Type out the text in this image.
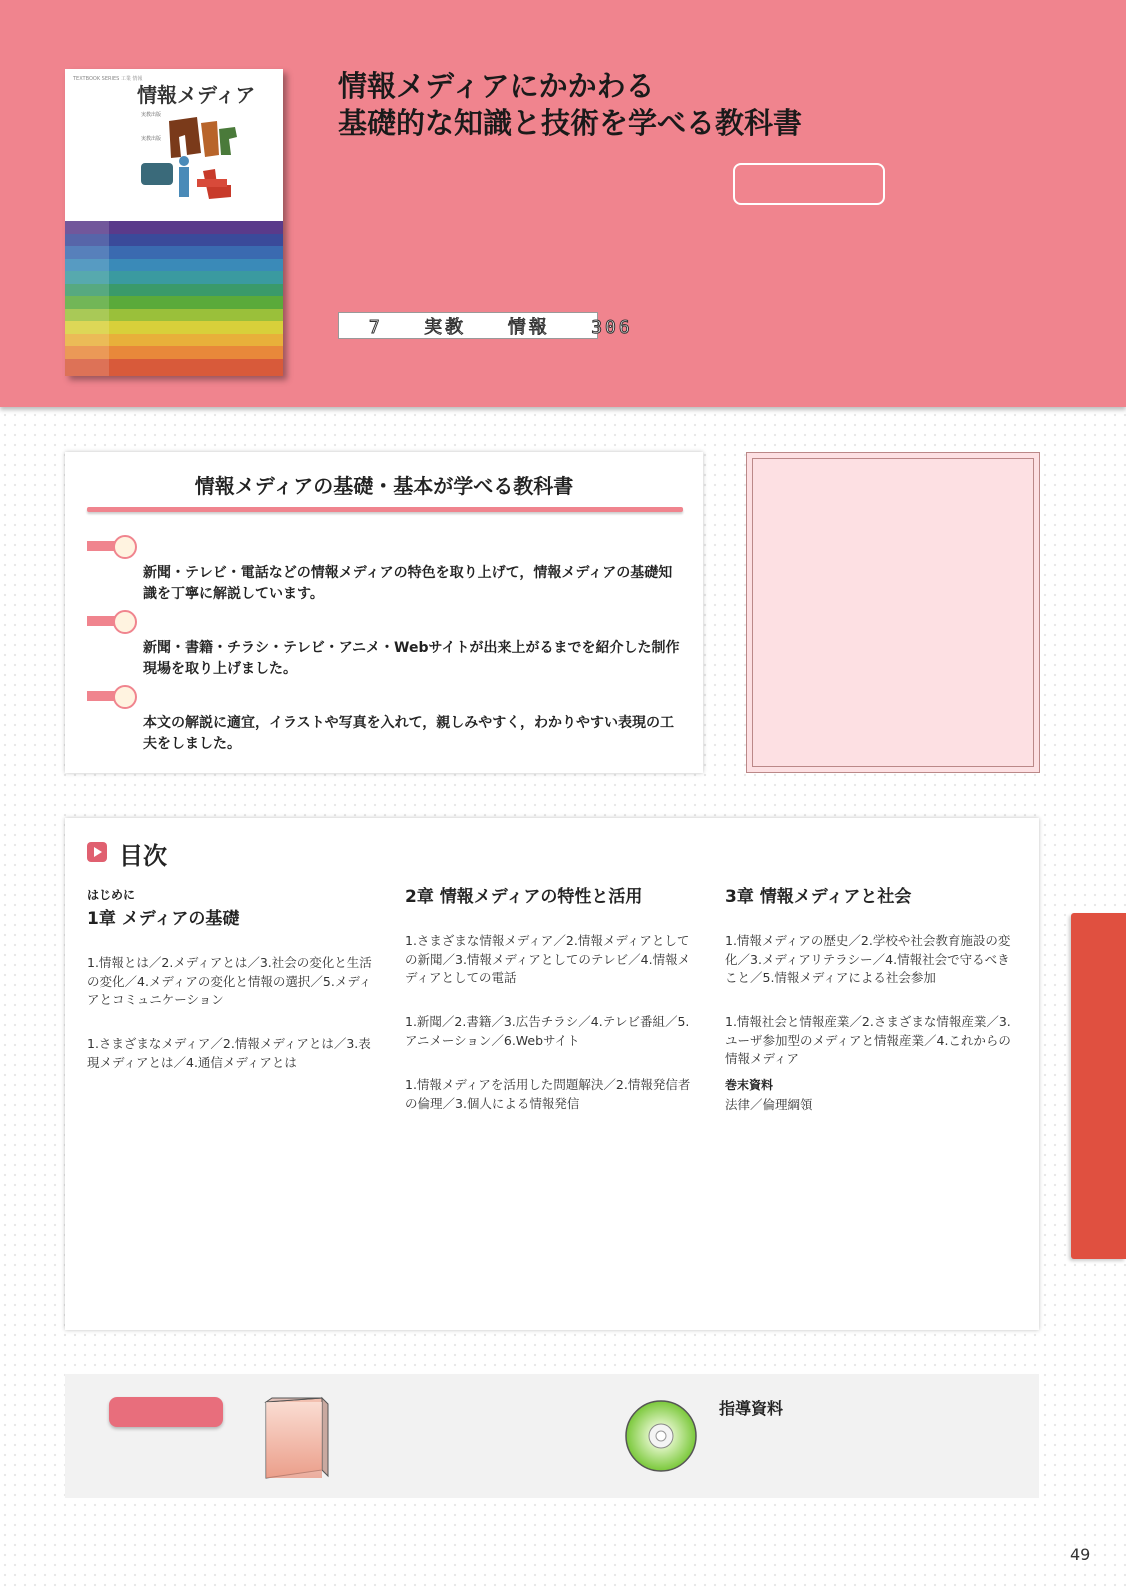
TEXTBOOK SERIES 工業 情報
情報メディア
実教出版
実教出版
情報メディアにかかわる
基礎的な知識と技術を学べる教科書
7   実教   情報   306
情報メディアの基礎・基本が学べる教科書
新聞・テレビ・電話などの情報メディアの特色を取り上げて，情報メディアの基礎知識を丁寧に解説しています。
新聞・書籍・チラシ・テレビ・アニメ・Webサイトが出来上がるまでを紹介した制作現場を取り上げました。
本文の解説に適宜，イラストや写真を入れて，親しみやすく，わかりやすい表現の工夫をしました。
目次
はじめに
1章 メディアの基礎
1.情報とは／2.メディアとは／3.社会の変化と生活の変化／4.メディアの変化と情報の選択／5.メディアとコミュニケーション
1.さまざまなメディア／2.情報メディアとは／3.表現メディアとは／4.通信メディアとは
2章 情報メディアの特性と活用
1.さまざまな情報メディア／2.情報メディアとしての新聞／3.情報メディアとしてのテレビ／4.情報メディアとしての電話
1.新聞／2.書籍／3.広告チラシ／4.テレビ番組／5.アニメーション／6.Webサイト
1.情報メディアを活用した問題解決／2.情報発信者の倫理／3.個人による情報発信
3章 情報メディアと社会
1.情報メディアの歴史／2.学校や社会教育施設の変化／3.メディアリテラシー／4.情報社会で守るべきこと／5.情報メディアによる社会参加
1.情報社会と情報産業／2.さまざまな情報産業／3.ユーザ参加型のメディアと情報産業／4.これからの情報メディア
巻末資料
法律／倫理綱領
指導資料
49
